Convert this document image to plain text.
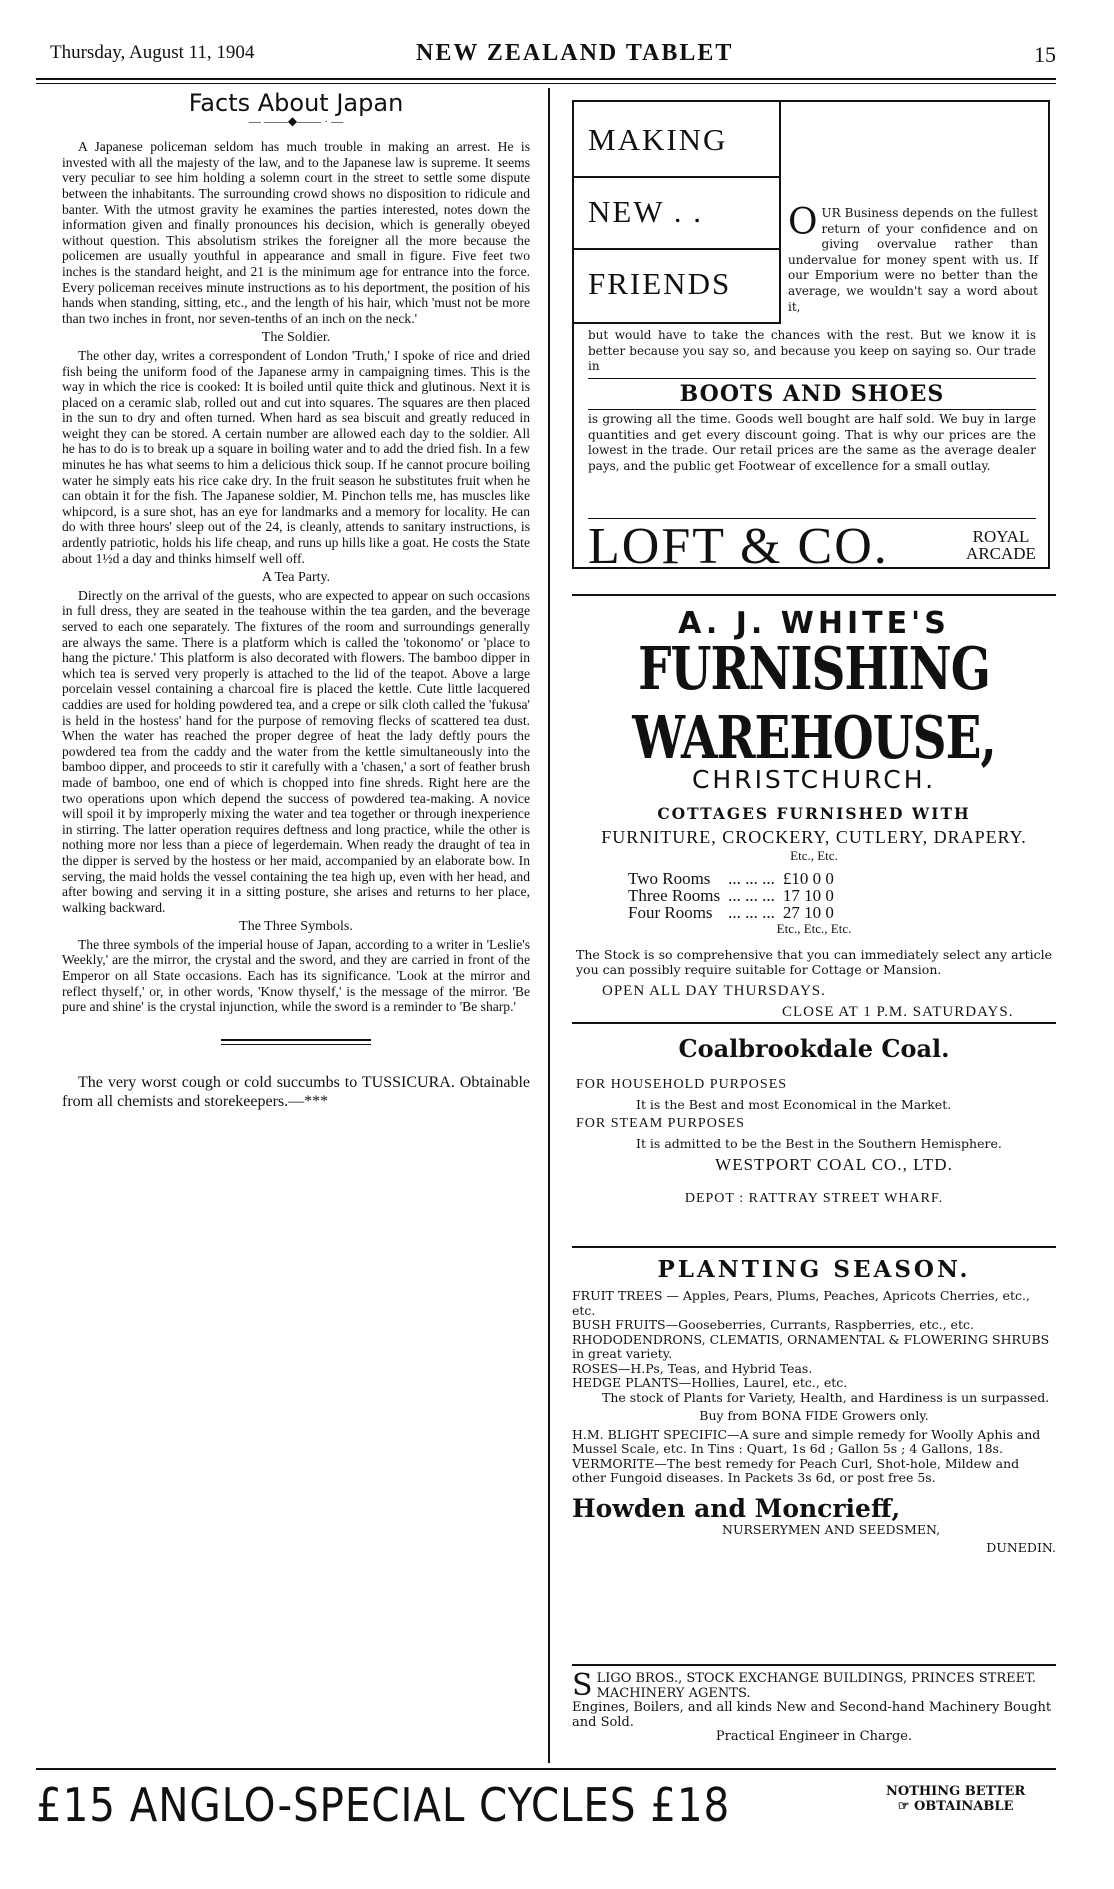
Thursday, August 11, 1904	NEW ZEALAND TABLET	15
Facts About Japan
— ——◆—— · —

A Japanese policeman seldom has much trouble in making an arrest. He is invested with all the majesty of the law, and to the Japanese law is supreme. It seems very peculiar to see him holding a solemn court in the street to settle some dispute between the inhabitants. The surrounding crowd shows no disposition to ridicule and banter. With the utmost gravity he examines the parties interested, notes down the information given and finally pronounces his decision, which is generally obeyed without question. This absolutism strikes the foreigner all the more because the policemen are usually youthful in appearance and small in figure. Five feet two inches is the standard height, and 21 is the minimum age for entrance into the force. Every policeman receives minute instructions as to his deportment, the position of his hands when standing, sitting, etc., and the length of his hair, which 'must not be more than two inches in front, nor seven-tenths of an inch on the neck.'

The Soldier.

The other day, writes a correspondent of London 'Truth,' I spoke of rice and dried fish being the uniform food of the Japanese army in campaigning times. This is the way in which the rice is cooked: It is boiled until quite thick and glutinous. Next it is placed on a ceramic slab, rolled out and cut into squares. The squares are then placed in the sun to dry and often turned. When hard as sea biscuit and greatly reduced in weight they can be stored. A certain number are allowed each day to the soldier. All he has to do is to break up a square in boiling water and to add the dried fish. In a few minutes he has what seems to him a delicious thick soup. If he cannot procure boiling water he simply eats his rice cake dry. In the fruit season he substitutes fruit when he can obtain it for the fish. The Japanese soldier, M. Pinchon tells me, has muscles like whipcord, is a sure shot, has an eye for landmarks and a memory for locality. He can do with three hours' sleep out of the 24, is cleanly, attends to sanitary instructions, is ardently patriotic, holds his life cheap, and runs up hills like a goat. He costs the State about 1½d a day and thinks himself well off.

A Tea Party.

Directly on the arrival of the guests, who are expected to appear on such occasions in full dress, they are seated in the teahouse within the tea garden, and the beverage served to each one separately. The fixtures of the room and surroundings generally are always the same. There is a platform which is called the 'tokonomo' or 'place to hang the picture.' This platform is also decorated with flowers. The bamboo dipper in which tea is served very properly is attached to the lid of the teapot. Above a large porcelain vessel containing a charcoal fire is placed the kettle. Cute little lacquered caddies are used for holding powdered tea, and a crepe or silk cloth called the 'fukusa' is held in the hostess' hand for the purpose of removing flecks of scattered tea dust. When the water has reached the proper degree of heat the lady deftly pours the powdered tea from the caddy and the water from the kettle simultaneously into the bamboo dipper, and proceeds to stir it carefully with a 'chasen,' a sort of feather brush made of bamboo, one end of which is chopped into fine shreds. Right here are the two operations upon which depend the success of powdered tea-making. A novice will spoil it by improperly mixing the water and tea together or through inexperience in stirring. The latter operation requires deftness and long practice, while the other is nothing more nor less than a piece of legerdemain. When ready the draught of tea in the dipper is served by the hostess or her maid, accompanied by an elaborate bow. In serving, the maid holds the vessel containing the tea high up, even with her head, and after bowing and serving it in a sitting posture, she arises and returns to her place, walking backward.

The Three Symbols.

The three symbols of the imperial house of Japan, according to a writer in 'Leslie's Weekly,' are the mirror, the crystal and the sword, and they are carried in front of the Emperor on all State occasions. Each has its significance. 'Look at the mirror and reflect thyself,' or, in other words, 'Know thyself,' is the message of the mirror. 'Be pure and shine' is the crystal injunction, while the sword is a reminder to 'Be sharp.'

The very worst cough or cold succumbs to TUSSICURA. Obtainable from all chemists and storekeepers.—***

MAKING
NEW . .
FRIENDS
OUR Business depends on the fullest return of your confidence and on giving overvalue rather than undervalue for money spent with us. If our Emporium were no better than the average, we wouldn't say a word about it,
but would have to take the chances with the rest. But we know it is better because you say so, and because you keep on saying so. Our trade in
BOOTS AND SHOES
is growing all the time. Goods well bought are half sold. We buy in large quantities and get every discount going. That is why our prices are the lowest in the trade. Our retail prices are the same as the average dealer pays, and the public get Footwear of excellence for a small outlay.
LOFT & CO.	ROYAL
ARCADE
A. J. WHITE'S
FURNISHING WAREHOUSE,
CHRISTCHURCH.
COTTAGES FURNISHED WITH
FURNITURE, CROCKERY, CUTLERY, DRAPERY.
Etc., Etc.
Two Rooms	... ... ...	£10 0 0
Three Rooms	... ... ...	17 10 0
Four Rooms	... ... ...	27 10 0
Etc., Etc., Etc.
The Stock is so comprehensive that you can immediately select any article you can possibly require suitable for Cottage or Mansion.
OPEN ALL DAY THURSDAYS.
CLOSE AT 1 P.M. SATURDAYS.
Coalbrookdale Coal.
FOR HOUSEHOLD PURPOSES
It is the Best and most Economical in the Market.
FOR STEAM PURPOSES
It is admitted to be the Best in the Southern Hemisphere.
WESTPORT COAL CO., LTD.
DEPOT : RATTRAY STREET WHARF.
PLANTING SEASON.
FRUIT TREES — Apples, Pears, Plums, Peaches, Apricots Cherries, etc., etc.
BUSH FRUITS—Gooseberries, Currants, Raspberries, etc., etc.
RHODODENDRONS, CLEMATIS, ORNAMENTAL & FLOWERING SHRUBS in great variety.
ROSES—H.Ps, Teas, and Hybrid Teas.
HEDGE PLANTS—Hollies, Laurel, etc., etc.
The stock of Plants for Variety, Health, and Hardiness is un surpassed.
Buy from BONA FIDE Growers only.
H.M. BLIGHT SPECIFIC—A sure and simple remedy for Woolly Aphis and Mussel Scale, etc. In Tins : Quart, 1s 6d ; Gallon 5s ; 4 Gallons, 18s.
VERMORITE—The best remedy for Peach Curl, Shot-hole, Mildew and other Fungoid diseases. In Packets 3s 6d, or post free 5s.
Howden and Moncrieff,
NURSERYMEN AND SEEDSMEN,
DUNEDIN.
SLIGO BROS., STOCK EXCHANGE BUILDINGS, PRINCES STREET. MACHINERY AGENTS.
Engines, Boilers, and all kinds New and Second-hand Machinery Bought and Sold.
Practical Engineer in Charge.
£15 ANGLO-SPECIAL CYCLES £18	NOTHING BETTER
☞ OBTAINABLE
